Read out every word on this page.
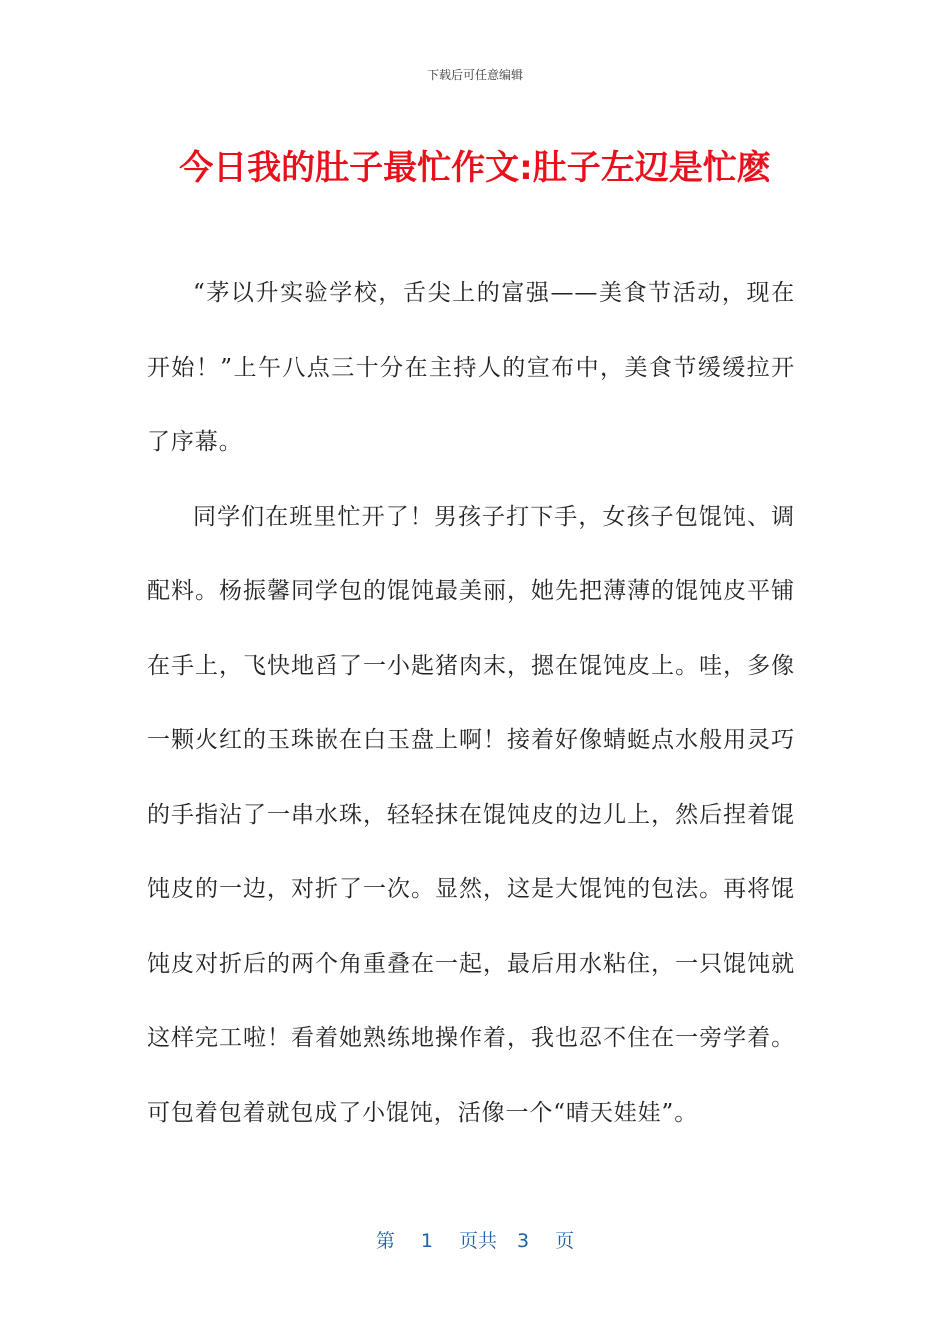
下载后可任意编辑
今日我的肚子最忙作文:肚子左辺是忙麽

“茅以升实验学校，舌尖上的富强——美食节活动，现在开始！”上午八点三十分在主持人的宣布中，美食节缓缓拉开了序幕。

同学们在班里忙开了！男孩子打下手，女孩子包馄饨、调配料。杨振馨同学包的馄饨最美丽，她先把薄薄的馄饨皮平铺在手上，飞快地舀了一小匙猪肉末，摁在馄饨皮上。哇，多像一颗火红的玉珠嵌在白玉盘上啊！接着好像蜻蜓点水般用灵巧的手指沾了一串水珠，轻轻抹在馄饨皮的边儿上，然后捏着馄饨皮的一边，对折了一次。显然，这是大馄饨的包法。再将馄饨皮对折后的两个角重叠在一起，最后用水粘住，一只馄饨就这样完工啦！看着她熟练地操作着，我也忍不住在一旁学着。可包着包着就包成了小馄饨，活像一个“晴天娃娃”。

第 1 页共 3 页
